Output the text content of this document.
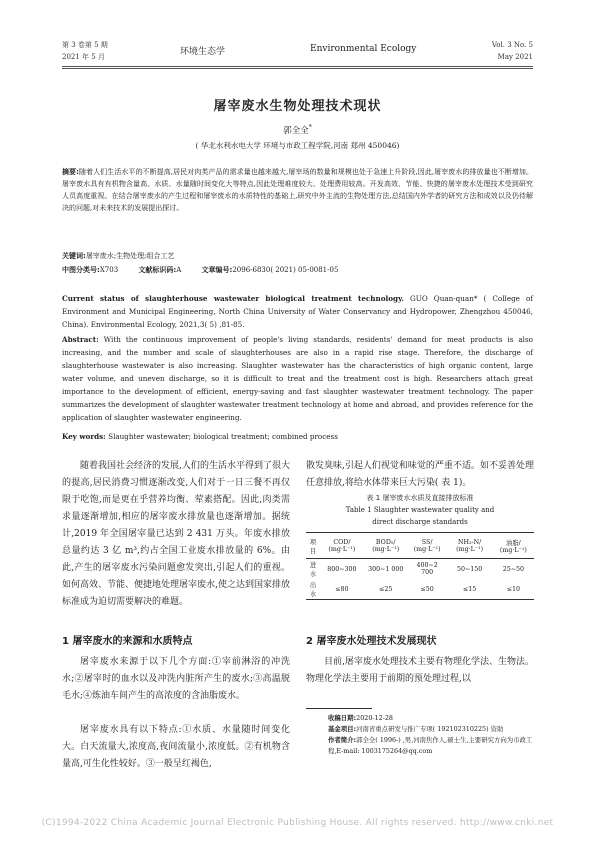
第 3 卷第 5 期
2021 年 5 月	环境生态学	Environmental Ecology	Vol. 3 No. 5
May 2021
屠宰废水生物处理技术现状
郭全全*
( 华北水利水电大学 环境与市政工程学院,河南 郑州 450046)
摘要:随着人们生活水平的不断提高,居民对肉类产品的需求量也越来越大,屠宰场的数量和规模也处于急速上升阶段,因此,屠宰废水的排放量也不断增加。屠宰废水具有有机物含量高、水质、水量随时间变化大等特点,因此处理难度较大、处理费用较高。开发高效、节能、快捷的屠宰废水处理技术受到研究人员高度重视。在结合屠宰废水的产生过程和屠宰废水的水质特性的基础上,研究中外主流的生物处理方法,总结国内外学者的研究方法和成效以及仍待解决的问题,对未来技术的发展提出探讨。
关键词:屠宰废水;生物处理;组合工艺
中图分类号:X703	文献标识码:A	文章编号:2096-6830( 2021) 05-0081-05
Current status of slaughterhouse wastewater biological treatment technology. GUO Quan-quan* ( College of Environment and Municipal Engineering, North China University of Water Conservancy and Hydropower, Zhengzhou 450046, China). Environmental Ecology, 2021,3( 5) ,81-85.
Abstract: With the continuous improvement of people's living standards, residents' demand for meat products is also increasing, and the number and scale of slaughterhouses are also in a rapid rise stage. Therefore, the discharge of slaughterhouse wastewater is also increasing. Slaughter wastewater has the characteristics of high organic content, large water volume, and uneven discharge, so it is difficult to treat and the treatment cost is high. Researchers attach great importance to the development of efficient, energy-saving and fast slaughter wastewater treatment technology. The paper summarizes the development of slaughter wastewater treatment technology at home and abroad, and provides reference for the application of slaughter wastewater engineering.
Key words: Slaughter wastewater; biological treatment; combined process
随着我国社会经济的发展,人们的生活水平得到了很大的提高,居民消费习惯逐渐改变,人们对于一日三餐不再仅限于吃饱,而是更在乎营养均衡、荤素搭配。因此,肉类需求量逐渐增加,相应的屠宰废水排放量也逐渐增加。据统计,2019 年全国屠宰量已达到 2 431 万头。年废水排放总量约达 3 亿 m³,约占全国工业废水排放量的 6%。由此,产生的屠宰废水污染问题愈发突出,引起人们的重视。如何高效、节能、便捷地处理屠宰废水,使之达到国家排放标准成为迫切需要解决的难题。
1 屠宰废水的来源和水质特点
屠宰废水来源于以下几个方面:①宰前淋浴的冲洗水;②屠宰时的血水以及冲洗内脏所产生的废水;③高温脱毛水;④炼油车间产生的高浓度的含油脂废水。
屠宰废水具有以下特点:①水质、水量随时间变化大。白天流量大,浓度高,夜间流量小,浓度低。②有机物含量高,可生化性较好。③一般呈红褐色,
散发臭味,引起人们视觉和味觉的严重不适。如不妥善处理任意排放,将给水体带来巨大污染( 表 1)。
表 1 屠宰废水水质及直接排放标准
Table 1 Slaughter wastewater quality and
direct discharge standards
项目	COD/ (mg·L⁻¹)	BOD₅/ (mg·L⁻¹)	SS/ (mg·L⁻¹)	NH₃-N/ (mg·L⁻¹)	油脂/ (mg·L⁻¹)
进水	800~300	300~1 000	400~2 700	50~150	25~50
出水	≤80	≤25	≤50	≤15	≤10
2 屠宰废水处理技术发展现状
目前,屠宰废水处理技术主要有物理化学法、生物法。物理化学法主要用于前期的预处理过程,以
收稿日期:2020-12-28
基金项目:河南省重点研发与推广专项( 192102310225) 资助
作者简介:郭全全( 1996-) ,男,河南焦作人,硕士生,主要研究方向为市政工程,E-mail: 1003175264@qq.com
(C)1994-2022 China Academic Journal Electronic Publishing House. All rights reserved. http://www.cnki.net
